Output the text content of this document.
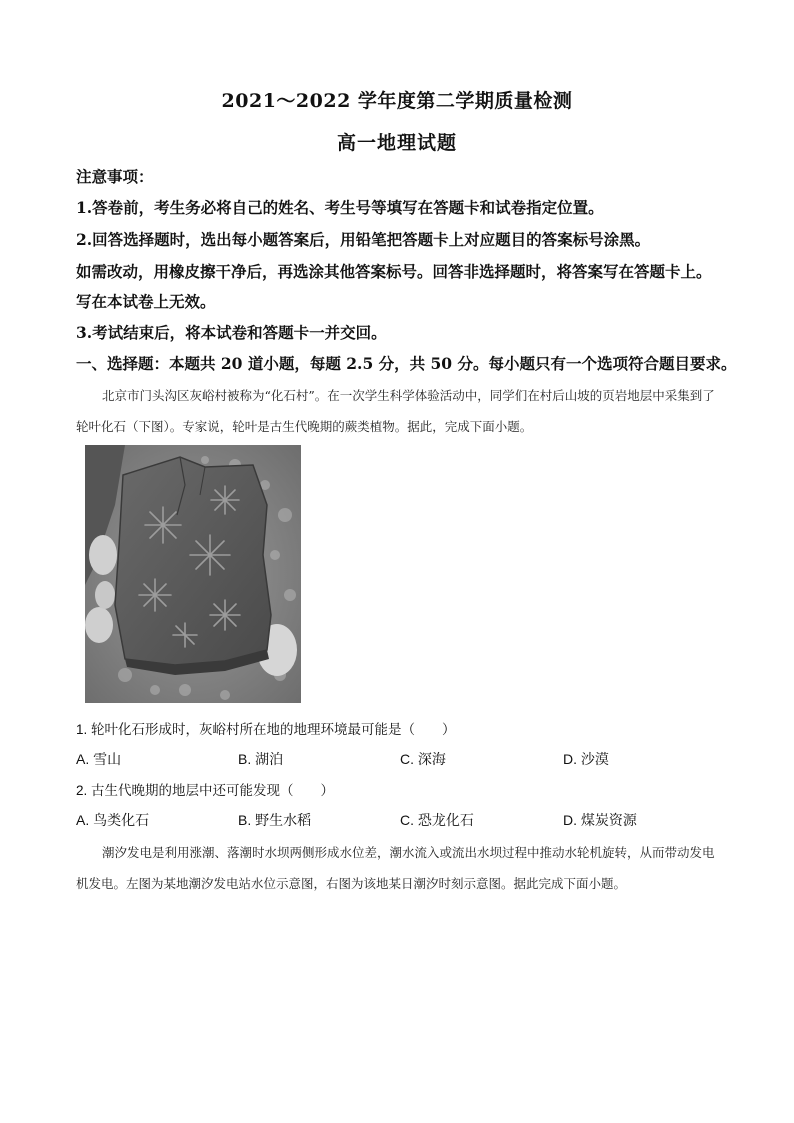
2021～2022 学年度第二学期质量检测
高一地理试题
注意事项：
1.答卷前，考生务必将自己的姓名、考生号等填写在答题卡和试卷指定位置。
2.回答选择题时，选出每小题答案后，用铅笔把答题卡上对应题目的答案标号涂黑。
如需改动，用橡皮擦干净后，再选涂其他答案标号。回答非选择题时，将答案写在答题卡上。
写在本试卷上无效。
3.考试结束后，将本试卷和答题卡一并交回。
一、选择题：本题共 20 道小题，每题 2.5 分，共 50 分。每小题只有一个选项符合题目要求。
北京市门头沟区灰峪村被称为“化石村”。在一次学生科学体验活动中，同学们在村后山坡的页岩地层中采集到了轮叶化石（下图）。专家说，轮叶是古生代晚期的蕨类植物。据此，完成下面小题。
1. 轮叶化石形成时，灰峪村所在地的地理环境最可能是（　　）
A. 雪山	B. 湖泊	C. 深海	D. 沙漠
2. 古生代晚期的地层中还可能发现（　　）
A. 鸟类化石	B. 野生水稻	C. 恐龙化石	D. 煤炭资源
潮汐发电是利用涨潮、落潮时水坝两侧形成水位差，潮水流入或流出水坝过程中推动水轮机旋转，从而带动发电机发电。左图为某地潮汐发电站水位示意图，右图为该地某日潮汐时刻示意图。据此完成下面小题。
